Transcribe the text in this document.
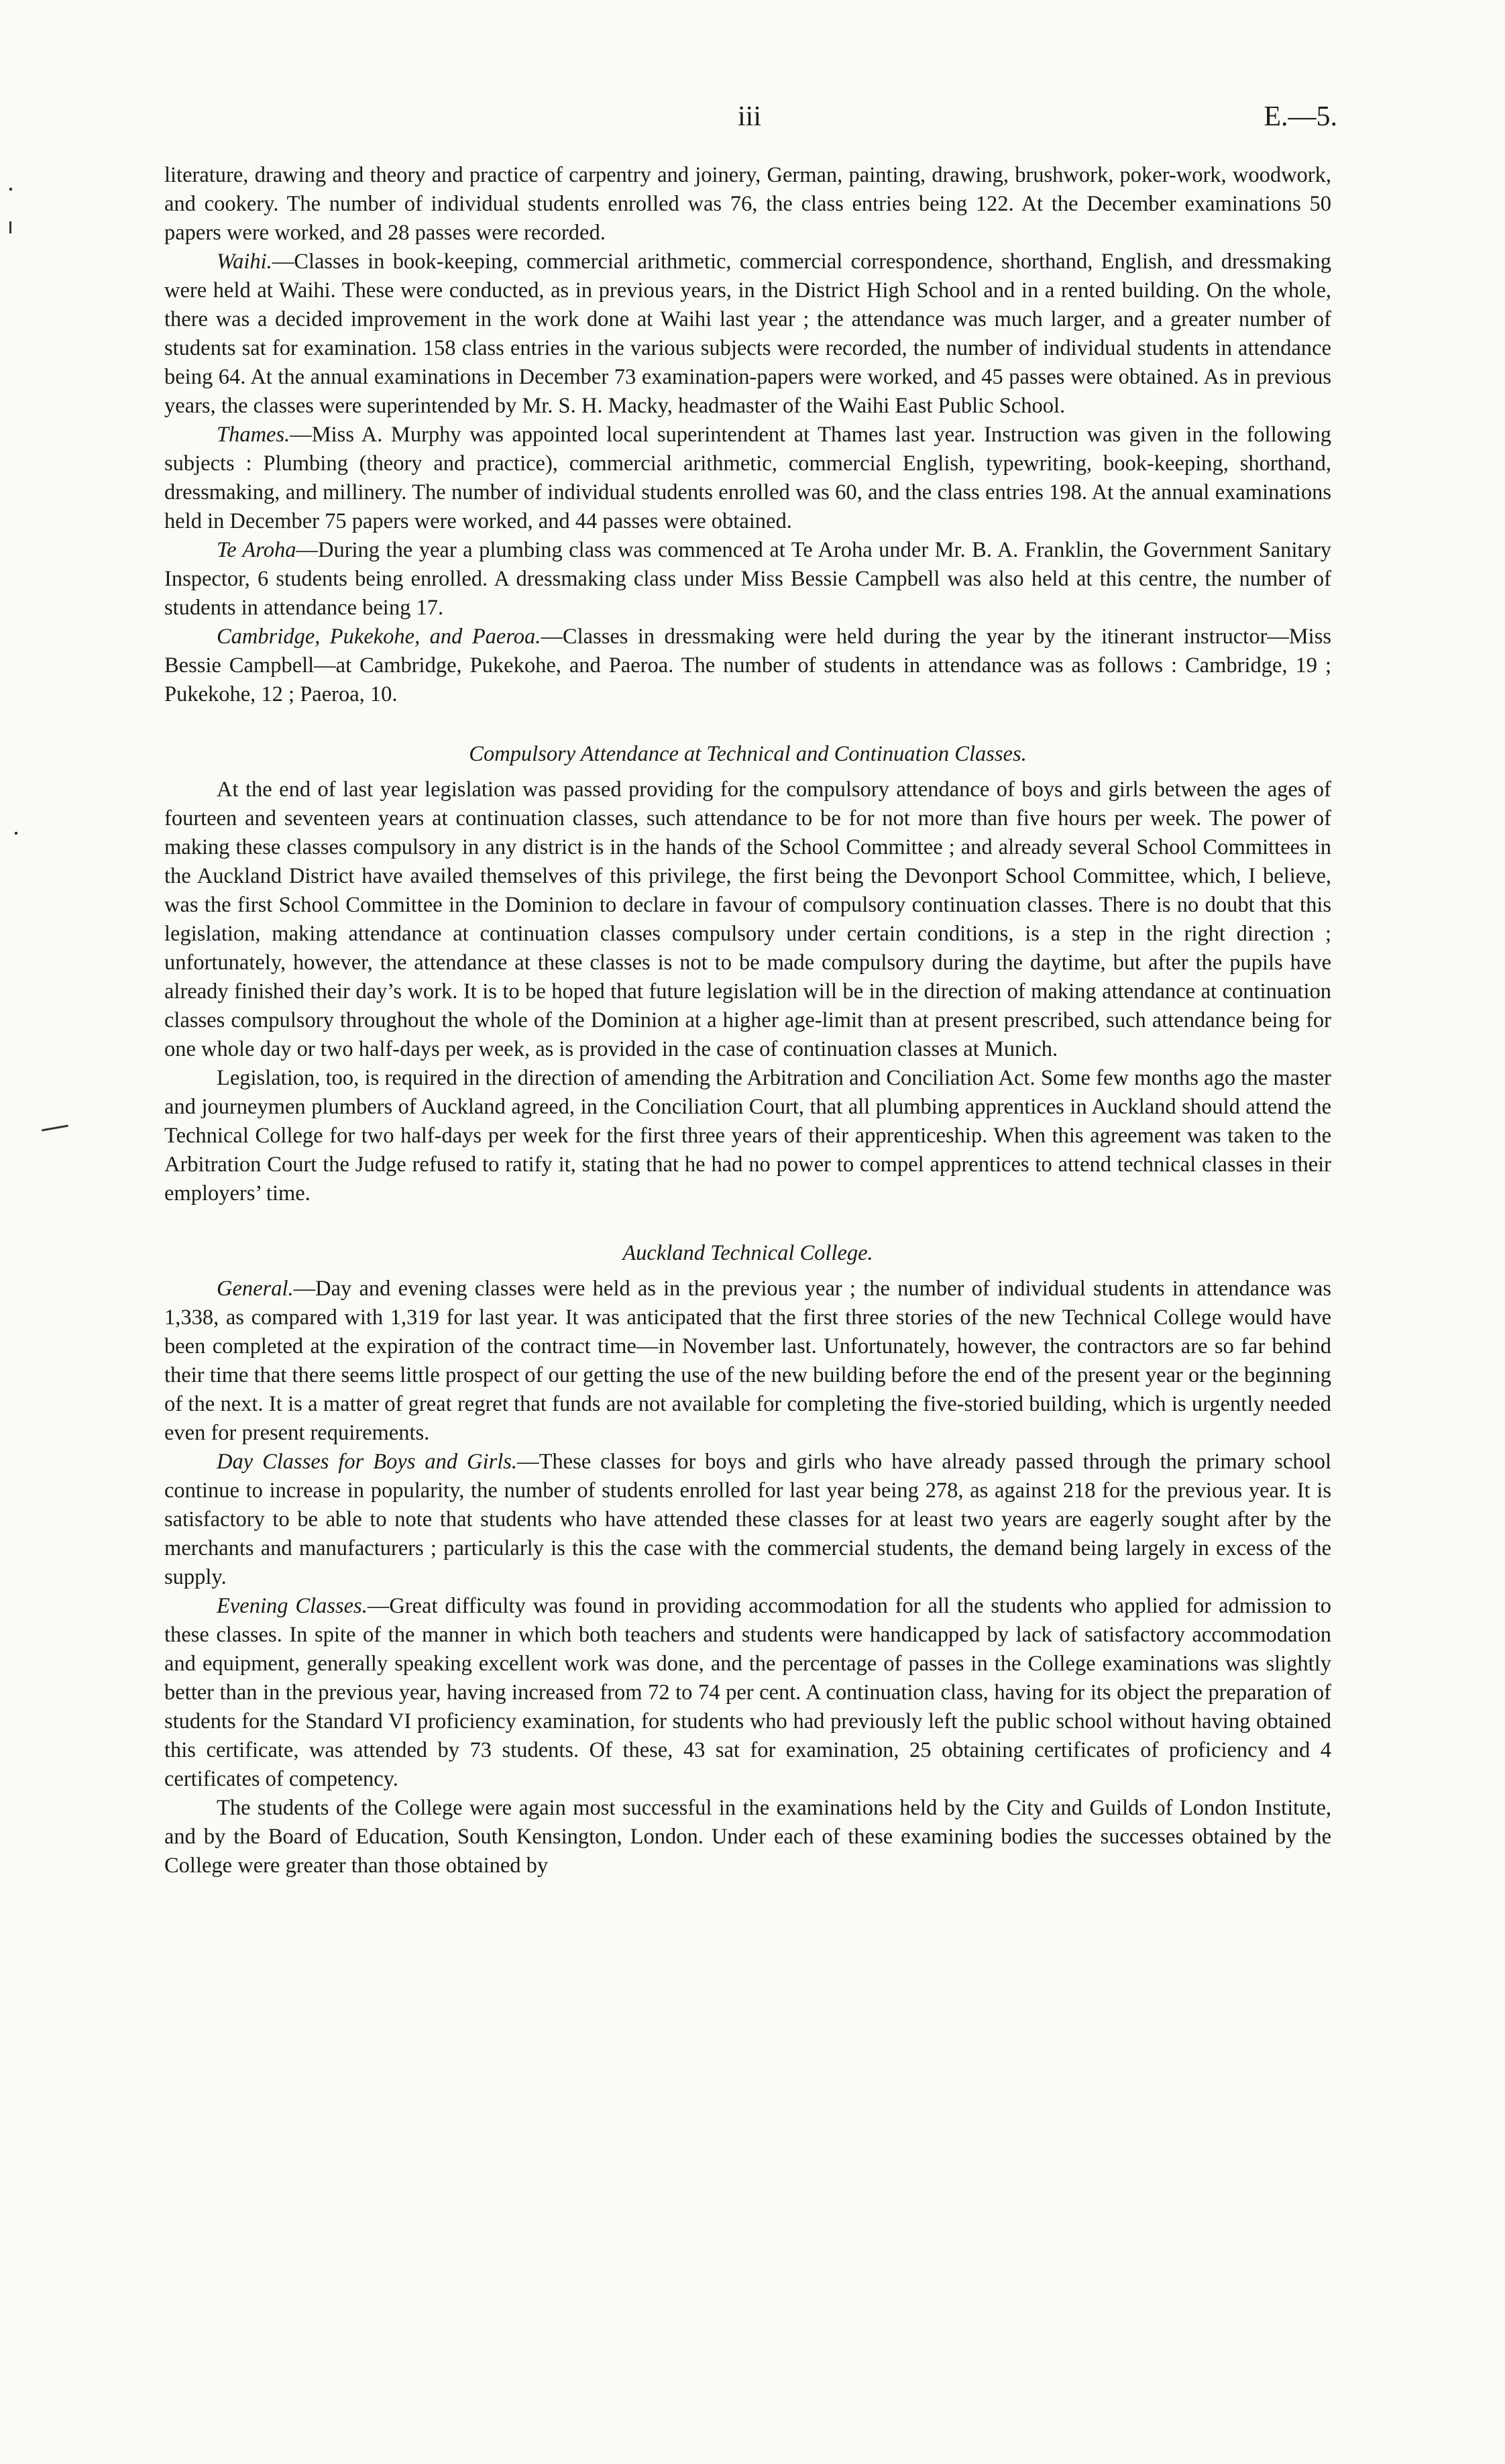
iii	E.—5.

literature, drawing and theory and practice of carpentry and joinery, German, painting, drawing, brushwork, poker-work, woodwork, and cookery. The number of individual students enrolled was 76, the class entries being 122. At the December examinations 50 papers were worked, and 28 passes were recorded.

Waihi.—Classes in book-keeping, commercial arithmetic, commercial correspondence, shorthand, English, and dressmaking were held at Waihi. These were conducted, as in previous years, in the District High School and in a rented building. On the whole, there was a decided improvement in the work done at Waihi last year ; the attendance was much larger, and a greater number of students sat for examination. 158 class entries in the various subjects were recorded, the number of individual students in attendance being 64. At the annual examinations in December 73 examination-papers were worked, and 45 passes were obtained. As in previous years, the classes were superintended by Mr. S. H. Macky, headmaster of the Waihi East Public School.

Thames.—Miss A. Murphy was appointed local superintendent at Thames last year. Instruction was given in the following subjects : Plumbing (theory and practice), commercial arithmetic, commercial English, typewriting, book-keeping, shorthand, dressmaking, and millinery. The number of individual students enrolled was 60, and the class entries 198. At the annual examinations held in December 75 papers were worked, and 44 passes were obtained.

Te Aroha—During the year a plumbing class was commenced at Te Aroha under Mr. B. A. Franklin, the Government Sanitary Inspector, 6 students being enrolled. A dressmaking class under Miss Bessie Campbell was also held at this centre, the number of students in attendance being 17.

Cambridge, Pukekohe, and Paeroa.—Classes in dressmaking were held during the year by the itinerant instructor—Miss Bessie Campbell—at Cambridge, Pukekohe, and Paeroa. The number of students in attendance was as follows : Cambridge, 19 ; Pukekohe, 12 ; Paeroa, 10.

Compulsory Attendance at Technical and Continuation Classes.

At the end of last year legislation was passed providing for the compulsory attendance of boys and girls between the ages of fourteen and seventeen years at continuation classes, such attendance to be for not more than five hours per week. The power of making these classes compulsory in any district is in the hands of the School Committee ; and already several School Committees in the Auckland District have availed themselves of this privilege, the first being the Devonport School Committee, which, I believe, was the first School Committee in the Dominion to declare in favour of compulsory continuation classes. There is no doubt that this legislation, making attendance at continuation classes compulsory under certain conditions, is a step in the right direction ; unfortunately, however, the attendance at these classes is not to be made compulsory during the daytime, but after the pupils have already finished their day’s work. It is to be hoped that future legislation will be in the direction of making attendance at continuation classes compulsory throughout the whole of the Dominion at a higher age-limit than at present prescribed, such attendance being for one whole day or two half-days per week, as is provided in the case of continuation classes at Munich.

Legislation, too, is required in the direction of amending the Arbitration and Conciliation Act. Some few months ago the master and journeymen plumbers of Auckland agreed, in the Conciliation Court, that all plumbing apprentices in Auckland should attend the Technical College for two half-days per week for the first three years of their apprenticeship. When this agreement was taken to the Arbitration Court the Judge refused to ratify it, stating that he had no power to compel apprentices to attend technical classes in their employers’ time.

Auckland Technical College.

General.—Day and evening classes were held as in the previous year ; the number of individual students in attendance was 1,338, as compared with 1,319 for last year. It was anticipated that the first three stories of the new Technical College would have been completed at the expiration of the contract time—in November last. Unfortunately, however, the contractors are so far behind their time that there seems little prospect of our getting the use of the new building before the end of the present year or the beginning of the next. It is a matter of great regret that funds are not available for completing the five-storied building, which is urgently needed even for present requirements.

Day Classes for Boys and Girls.—These classes for boys and girls who have already passed through the primary school continue to increase in popularity, the number of students enrolled for last year being 278, as against 218 for the previous year. It is satisfactory to be able to note that students who have attended these classes for at least two years are eagerly sought after by the merchants and manufacturers ; particularly is this the case with the commercial students, the demand being largely in excess of the supply.

Evening Classes.—Great difficulty was found in providing accommodation for all the students who applied for admission to these classes. In spite of the manner in which both teachers and students were handicapped by lack of satisfactory accommodation and equipment, generally speaking excellent work was done, and the percentage of passes in the College examinations was slightly better than in the previous year, having increased from 72 to 74 per cent. A continuation class, having for its object the preparation of students for the Standard VI proficiency examination, for students who had previously left the public school without having obtained this certificate, was attended by 73 students. Of these, 43 sat for examination, 25 obtaining certificates of proficiency and 4 certificates of competency.

The students of the College were again most successful in the examinations held by the City and Guilds of London Institute, and by the Board of Education, South Kensington, London. Under each of these examining bodies the successes obtained by the College were greater than those obtained by
